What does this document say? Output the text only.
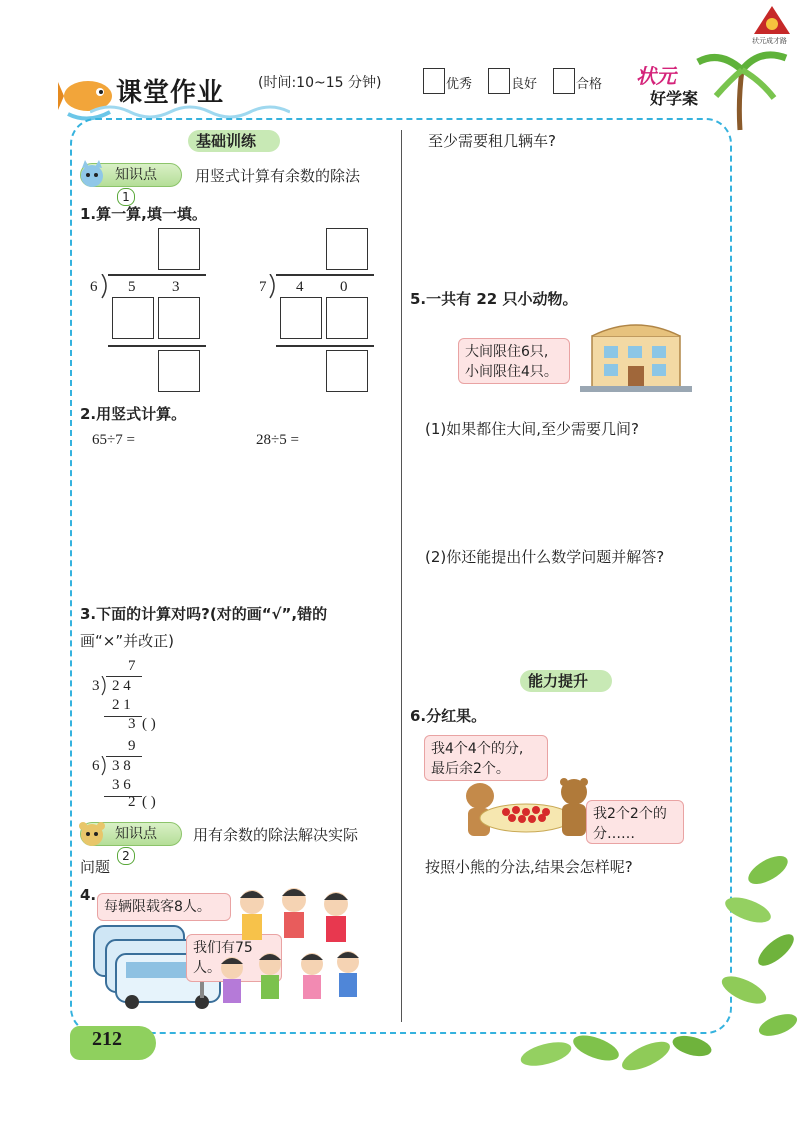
课堂作业 (时间:10~15 分钟)	优秀	良好	合格 状元
好学案
状元成才路
基础训练
知识点 1
用竖式计算有余数的除法
1.算一算,填一填。
6 5 3	7 4 0
2.用竖式计算。
65÷7 =	28÷5 =
3.下面的计算对吗?(对的画“√”,错的
画“×”并改正)
7
3 2 4
2 1
3 ( )
9
6 3 8
3 6
2 ( )
知识点 2
用有余数的除法解决实际
问题
4.
每辆限载客8人。
我们有75人。
至少需要租几辆车?
5.一共有 22 只小动物。
大间限住6只,
小间限住4只。
(1)如果都住大间,至少需要几间?
(2)你还能提出什么数学问题并解答?
能力提升
6.分红果。
我4个4个的分,
最后余2个。
我2个2个的
分……
按照小熊的分法,结果会怎样呢?
212
